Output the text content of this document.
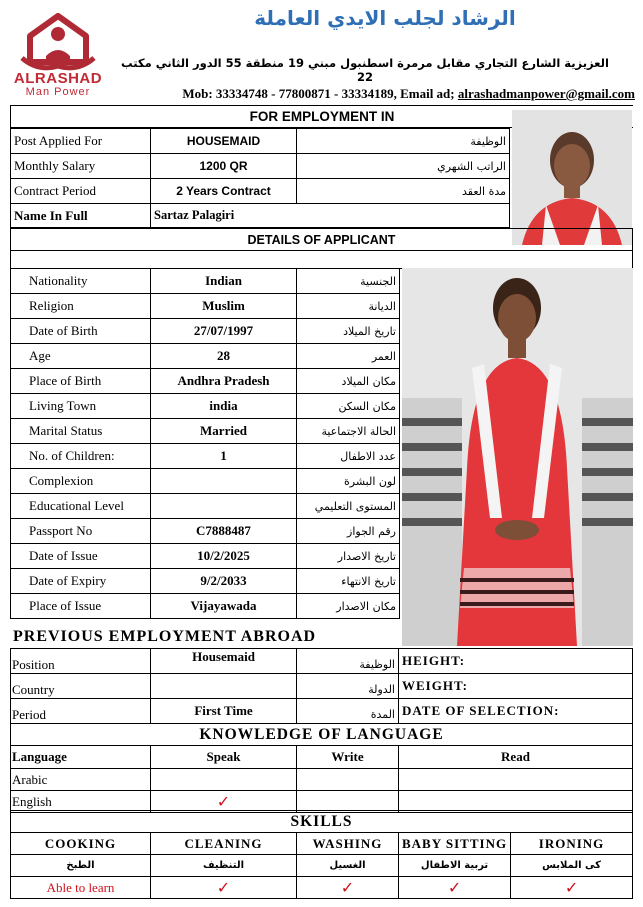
ALRASHAD
Man Power
الرشاد لجلب الايدي العاملة
العزيزية الشارع التجاري مقابل مرمرة اسطنبول مبني 19 منطقة 55 الدور الثاني مكتب 22
Mob: 33334748 - 77800871 - 33334189, Email ad; alrashadmanpower@gmail.com
FOR EMPLOYMENT IN
Post Applied For	HOUSEMAID	الوظيفة
Monthly Salary	1200 QR	الراتب الشهري
Contract Period	2 Years Contract	مدة العقد
Name In Full	Sartaz Palagiri	
DETAILS OF APPLICANT

Nationality	Indian	الجنسية
Religion	Muslim	الديانة
Date of Birth	27/07/1997	تاريخ الميلاد
Age	28	العمر
Place of Birth	Andhra Pradesh	مكان الميلاد
Living Town	india	مكان السكن
Marital Status	Married	الحالة الاجتماعية
No. of Children:	1	عدد الاطفال
Complexion		لون البشرة
Educational Level		المستوى التعليمي
Passport No	C7888487	رقم الجواز
Date of Issue	10/2/2025	تاريخ الاصدار
Date of Expiry	9/2/2033	تاريخ الانتهاء
Place of Issue	Vijayawada	مكان الاصدار
PREVIOUS EMPLOYMENT ABROAD
Position	Housemaid	الوظيفة	HEIGHT:
Country		الدولة	WEIGHT:
Period	First Time	المدة	DATE OF SELECTION:
KNOWLEDGE OF LANGUAGE			
Language	Speak	Write	Read
Arabic			
English	✓		
SKILLS				
COOKING	CLEANING	WASHING	BABY SITTING	IRONING
الطبخ	التنظيف	الغسيل	تربية الاطفال	كى الملابس
Able to learn	✓	✓	✓	✓
